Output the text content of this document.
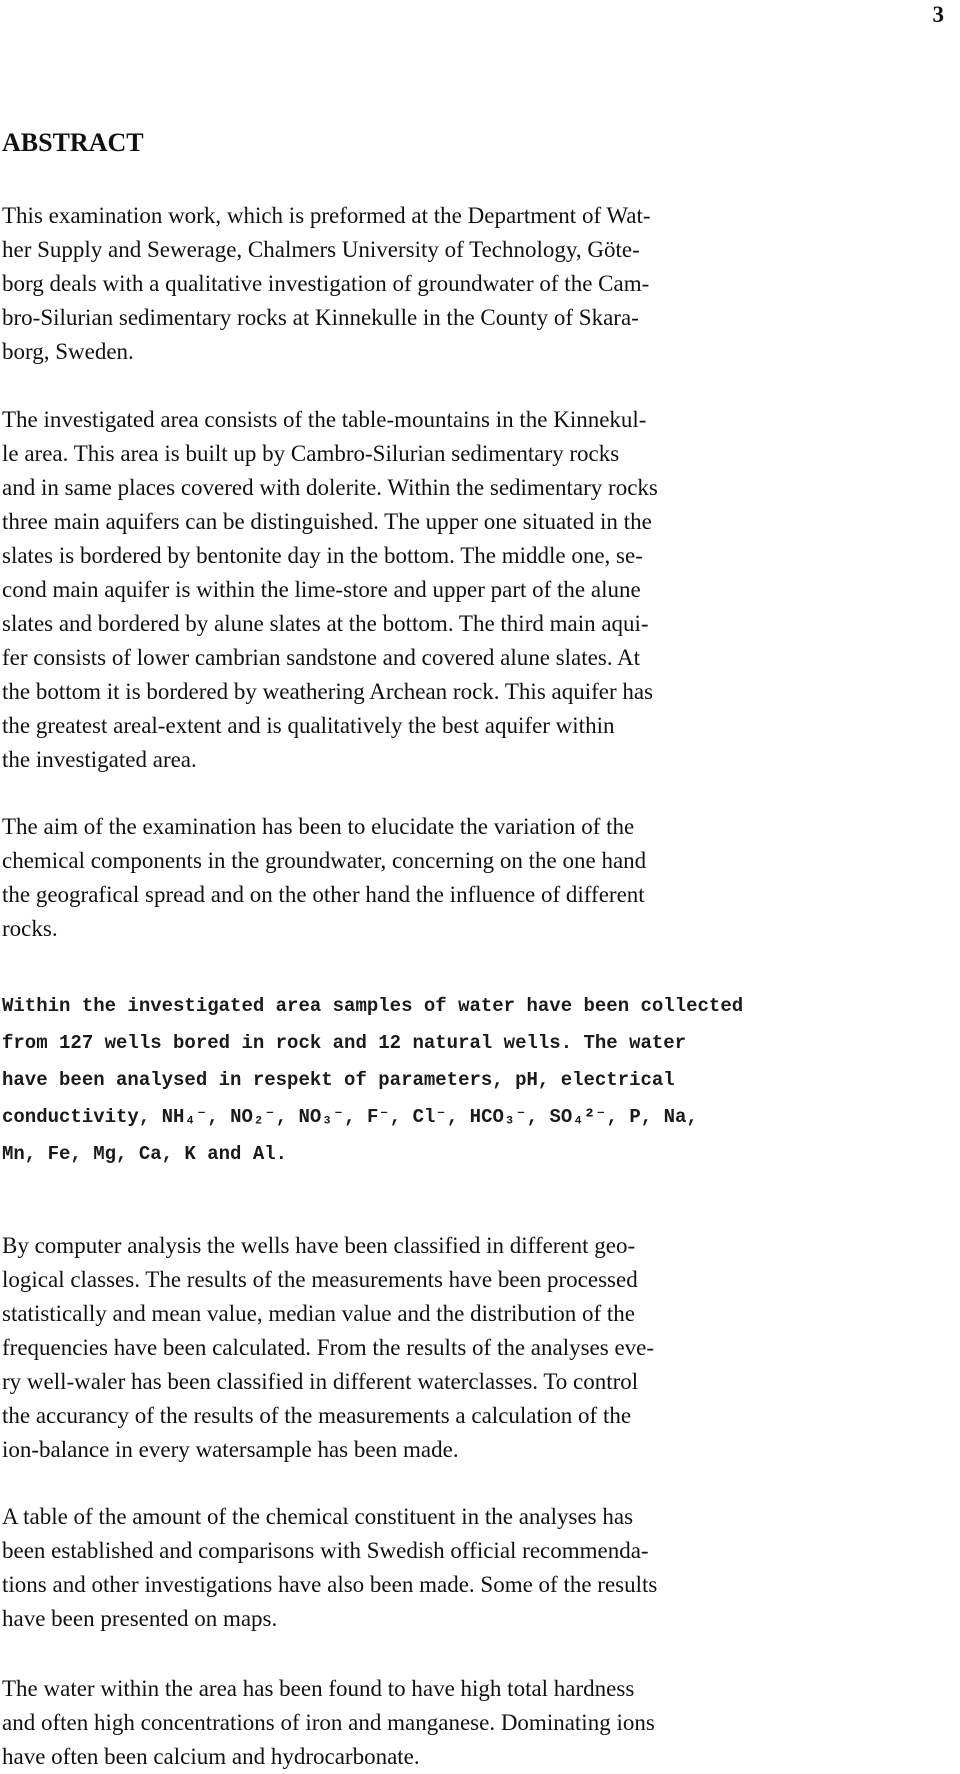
3
ABSTRACT

This examination work, which is preformed at the Department of Wat-
her Supply and Sewerage, Chalmers University of Technology, Göte-
borg deals with a qualitative investigation of groundwater of the Cam-
bro-Silurian sedimentary rocks at Kinnekulle in the County of Skara-
borg, Sweden.

The investigated area consists of the table-mountains in the Kinnekul-
le area. This area is built up by Cambro-Silurian sedimentary rocks
and in same places covered with dolerite. Within the sedimentary rocks
three main aquifers can be distinguished. The upper one situated in the
slates is bordered by bentonite day in the bottom. The middle one, se-
cond main aquifer is within the lime-store and upper part of the alune
slates and bordered by alune slates at the bottom. The third main aqui-
fer consists of lower cambrian sandstone and covered alune slates. At
the bottom it is bordered by weathering Archean rock. This aquifer has
the greatest areal-extent and is qualitatively the best aquifer within
the investigated area.

The aim of the examination has been to elucidate the variation of the
chemical components in the groundwater, concerning on the one hand
the geografical spread and on the other hand the influence of different
rocks.

Within the investigated area samples of water have been collected
from 127 wells bored in rock and 12 natural wells. The water
have been analysed in respekt of parameters, pH, electrical
conductivity, NH₄⁻, NO₂⁻, NO₃⁻, F⁻, Cl⁻, HCO₃⁻, SO₄²⁻, P, Na,
Mn, Fe, Mg, Ca, K and Al.

By computer analysis the wells have been classified in different geo-
logical classes. The results of the measurements have been processed
statistically and mean value, median value and the distribution of the
frequencies have been calculated. From the results of the analyses eve-
ry well-waler has been classified in different waterclasses. To control
the accurancy of the results of the measurements a calculation of the
ion-balance in every watersample has been made.

A table of the amount of the chemical constituent in the analyses has
been established and comparisons with Swedish official recommenda-
tions and other investigations have also been made. Some of the results
have been presented on maps.

The water within the area has been found to have high total hardness
and often high concentrations of iron and manganese. Dominating ions
have often been calcium and hydrocarbonate.
